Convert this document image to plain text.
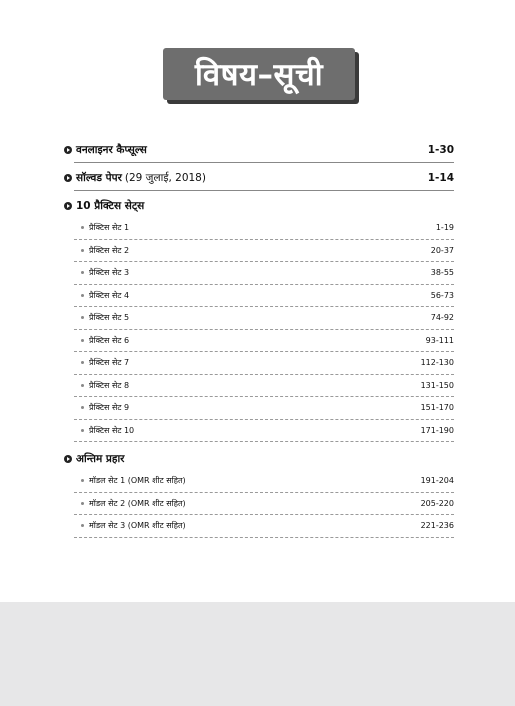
विषय–सूची
वनलाइनर कैप्सूल्स	1-30
सॉल्वड पेपर (29 जुलाई, 2018)	1-14
10 प्रैक्टिस सेट्स
प्रैक्टिस सेट 1	1-19
प्रैक्टिस सेट 2	20-37
प्रैक्टिस सेट 3	38-55
प्रैक्टिस सेट 4	56-73
प्रैक्टिस सेट 5	74-92
प्रैक्टिस सेट 6	93-111
प्रैक्टिस सेट 7	112-130
प्रैक्टिस सेट 8	131-150
प्रैक्टिस सेट 9	151-170
प्रैक्टिस सेट 10	171-190
अन्तिम प्रहार
मॉडल सेट 1 (OMR शीट सहित)	191-204
मॉडल सेट 2 (OMR शीट सहित)	205-220
मॉडल सेट 3 (OMR शीट सहित)	221-236
